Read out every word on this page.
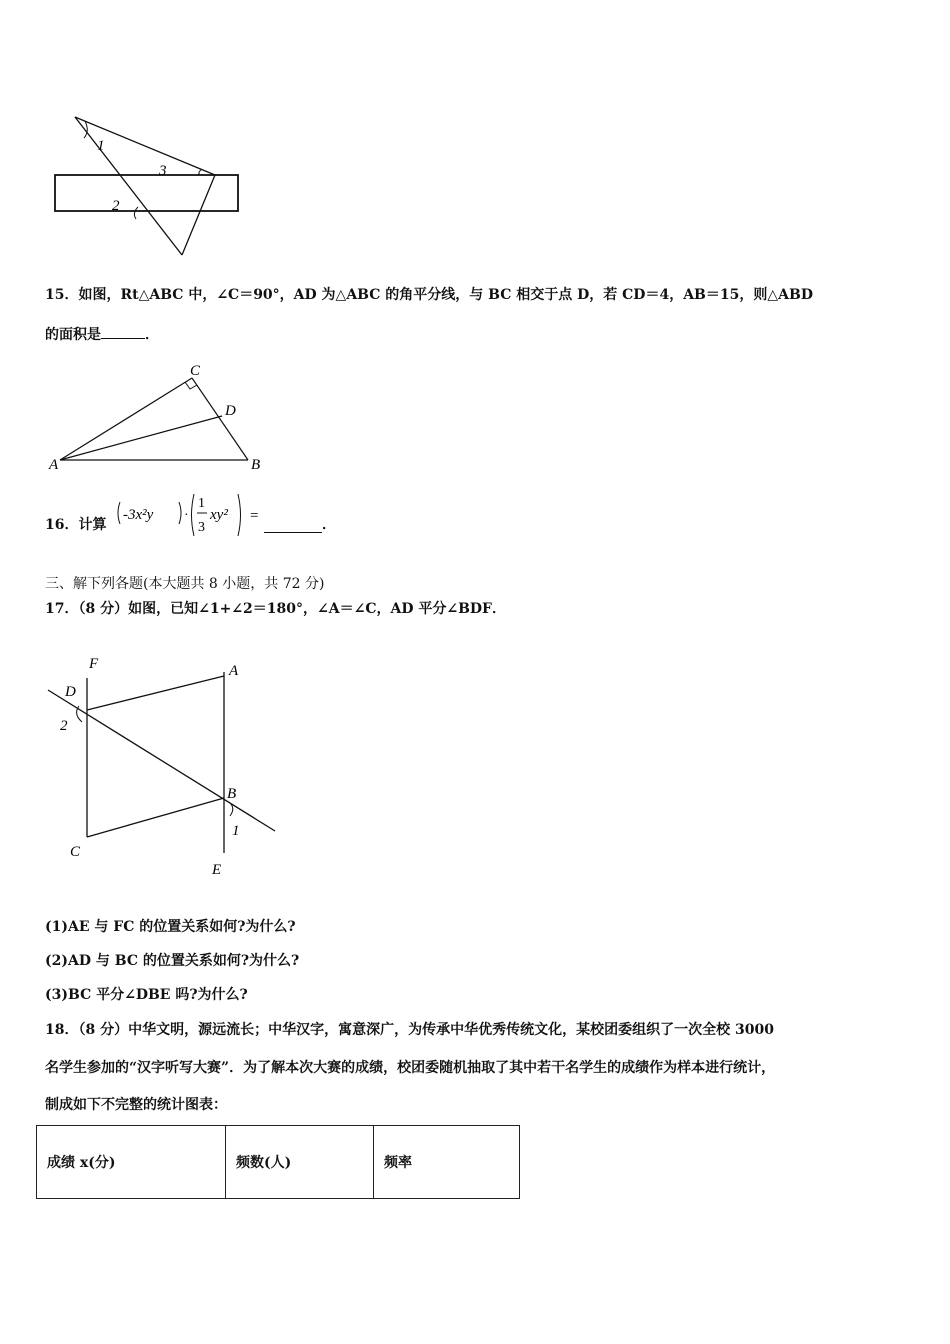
1
2
3
15．如图，Rt△ABC 中，∠C＝90°，AD 为△ABC 的角平分线，与 BC 相交于点 D，若 CD＝4，AB＝15，则△ABD
的面积是	．
C
D
A	B
16．计算
-3x²y ·
1
3
xy² =
．
三、解下列各题(本大题共 8 小题，共 72 分)
17．（8 分）如图，已知∠1+∠2＝180°，∠A＝∠C，AD 平分∠BDF．
F	A
D
2
B
1
C
E
(1)AE 与 FC 的位置关系如何?为什么?
(2)AD 与 BC 的位置关系如何?为什么?
(3)BC 平分∠DBE 吗?为什么?
18．（8 分）中华文明，源远流长；中华汉字，寓意深广，为传承中华优秀传统文化，某校团委组织了一次全校 3000
名学生参加的“汉字听写大赛”．为了解本次大赛的成绩，校团委随机抽取了其中若干名学生的成绩作为样本进行统计，
制成如下不完整的统计图表：
成绩 x(分)	频数(人)	频率
